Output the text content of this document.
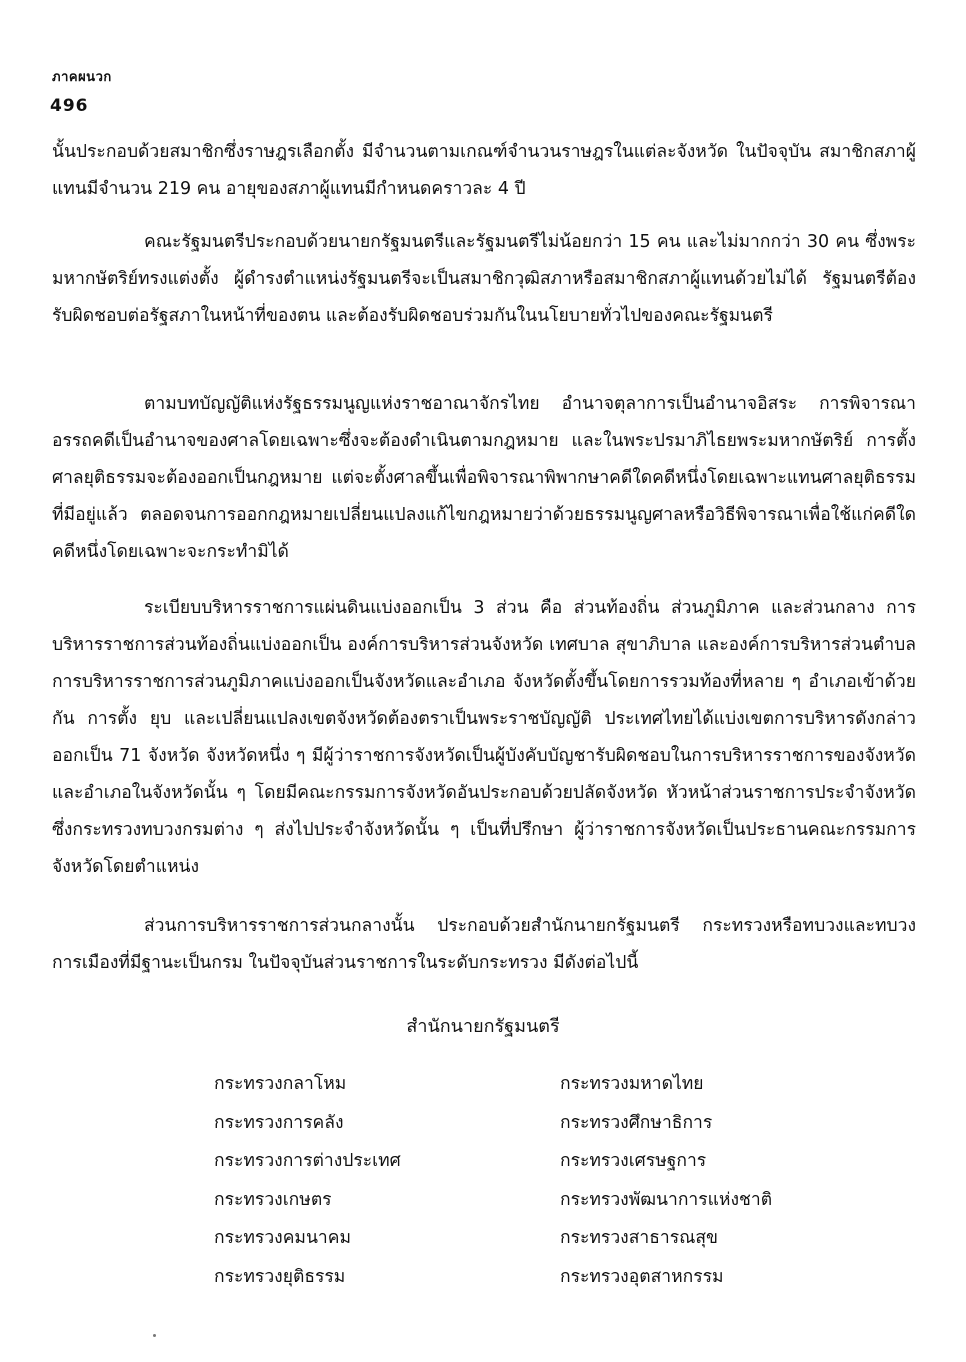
ภาคผนวก
496
นั้นประกอบด้วยสมาชิกซึ่งราษฎรเลือกตั้ง มีจำนวนตามเกณฑ์จำนวนราษฎรในแต่ละจังหวัด ในปัจจุบัน สมาชิกสภาผู้แทนมีจำนวน 219 คน อายุของสภาผู้แทนมีกำหนดคราวละ 4 ปี
คณะรัฐมนตรีประกอบด้วยนายกรัฐมนตรีและรัฐมนตรีไม่น้อยกว่า 15 คน และไม่มากกว่า 30 คน ซึ่งพระมหากษัตริย์ทรงแต่งตั้ง ผู้ดำรงตำแหน่งรัฐมนตรีจะเป็นสมาชิกวุฒิสภาหรือสมาชิกสภาผู้แทนด้วยไม่ได้ รัฐมนตรีต้องรับผิดชอบต่อรัฐสภาในหน้าที่ของตน และต้องรับผิดชอบร่วมกันในนโยบายทั่วไปของคณะรัฐมนตรี
ตามบทบัญญัติแห่งรัฐธรรมนูญแห่งราชอาณาจักรไทย อำนาจตุลาการเป็นอำนาจอิสระ การพิจารณาอรรถคดีเป็นอำนาจของศาลโดยเฉพาะซึ่งจะต้องดำเนินตามกฎหมาย และในพระปรมาภิไธยพระมหากษัตริย์ การตั้งศาลยุติธรรมจะต้องออกเป็นกฎหมาย แต่จะตั้งศาลขึ้นเพื่อพิจารณาพิพากษาคดีใดคดีหนึ่งโดยเฉพาะแทนศาลยุติธรรมที่มีอยู่แล้ว ตลอดจนการออกกฎหมายเปลี่ยนแปลงแก้ไขกฎหมายว่าด้วยธรรมนูญศาลหรือวิธีพิจารณาเพื่อใช้แก่คดีใดคดีหนึ่งโดยเฉพาะจะกระทำมิได้
ระเบียบบริหารราชการแผ่นดินแบ่งออกเป็น 3 ส่วน คือ ส่วนท้องถิ่น ส่วนภูมิภาค และส่วนกลาง การบริหารราชการส่วนท้องถิ่นแบ่งออกเป็น องค์การบริหารส่วนจังหวัด เทศบาล สุขาภิบาล และองค์การบริหารส่วนตำบล การบริหารราชการส่วนภูมิภาคแบ่งออกเป็นจังหวัดและอำเภอ จังหวัดตั้งขึ้นโดยการรวมท้องที่หลาย ๆ อำเภอเข้าด้วยกัน การตั้ง ยุบ และเปลี่ยนแปลงเขตจังหวัดต้องตราเป็นพระราชบัญญัติ ประเทศไทยได้แบ่งเขตการบริหารดังกล่าวออกเป็น 71 จังหวัด จังหวัดหนึ่ง ๆ มีผู้ว่าราชการจังหวัดเป็นผู้บังคับบัญชารับผิดชอบในการบริหารราชการของจังหวัดและอำเภอในจังหวัดนั้น ๆ โดยมีคณะกรรมการจังหวัดอันประกอบด้วยปลัดจังหวัด หัวหน้าส่วนราชการประจำจังหวัด ซึ่งกระทรวงทบวงกรมต่าง ๆ ส่งไปประจำจังหวัดนั้น ๆ เป็นที่ปรึกษา ผู้ว่าราชการจังหวัดเป็นประธานคณะกรรมการจังหวัดโดยตำแหน่ง
ส่วนการบริหารราชการส่วนกลางนั้น ประกอบด้วยสำนักนายกรัฐมนตรี กระทรวงหรือทบวงและทบวงการเมืองที่มีฐานะเป็นกรม ในปัจจุบันส่วนราชการในระดับกระทรวง มีดังต่อไปนี้
สำนักนายกรัฐมนตรี
กระทรวงกลาโหม
กระทรวงการคลัง
กระทรวงการต่างประเทศ
กระทรวงเกษตร
กระทรวงคมนาคม
กระทรวงยุติธรรม
กระทรวงมหาดไทย
กระทรวงศึกษาธิการ
กระทรวงเศรษฐการ
กระทรวงพัฒนาการแห่งชาติ
กระทรวงสาธารณสุข
กระทรวงอุตสาหกรรม
